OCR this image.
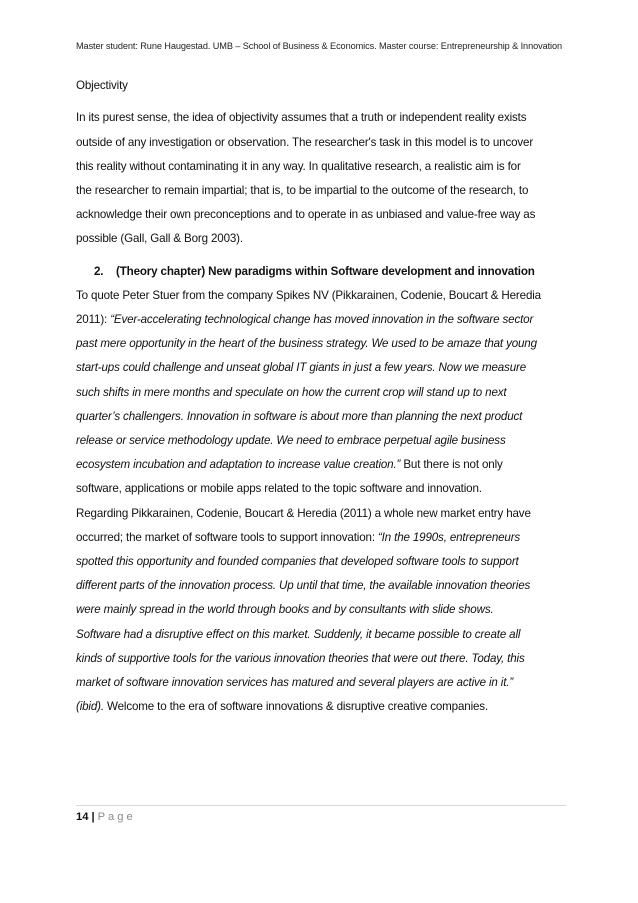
Master student: Rune Haugestad. UMB – School of Business & Economics. Master course: Entrepreneurship & Innovation

Objectivity

In its purest sense, the idea of objectivity assumes that a truth or independent reality exists
outside of any investigation or observation. The researcher's task in this model is to uncover
this reality without contaminating it in any way. In qualitative research, a realistic aim is for
the researcher to remain impartial; that is, to be impartial to the outcome of the research, to
acknowledge their own preconceptions and to operate in as unbiased and value-free way as
possible (Gall, Gall & Borg 2003).
2. (Theory chapter) New paradigms within Software development and innovation
To quote Peter Stuer from the company Spikes NV (Pikkarainen, Codenie, Boucart & Heredia
2011): “Ever-accelerating technological change has moved innovation in the software sector
past mere opportunity in the heart of the business strategy. We used to be amaze that young
start-ups could challenge and unseat global IT giants in just a few years. Now we measure
such shifts in mere months and speculate on how the current crop will stand up to next
quarter’s challengers. Innovation in software is about more than planning the next product
release or service methodology update. We need to embrace perpetual agile business
ecosystem incubation and adaptation to increase value creation.” But there is not only
software, applications or mobile apps related to the topic software and innovation.
Regarding Pikkarainen, Codenie, Boucart & Heredia (2011) a whole new market entry have
occurred; the market of software tools to support innovation: “In the 1990s, entrepreneurs
spotted this opportunity and founded companies that developed software tools to support
different parts of the innovation process. Up until that time, the available innovation theories
were mainly spread in the world through books and by consultants with slide shows.
Software had a disruptive effect on this market. Suddenly, it became possible to create all
kinds of supportive tools for the various innovation theories that were out there. Today, this
market of software innovation services has matured and several players are active in it.”
(ibid). Welcome to the era of software innovations & disruptive creative companies.
14 | Page
